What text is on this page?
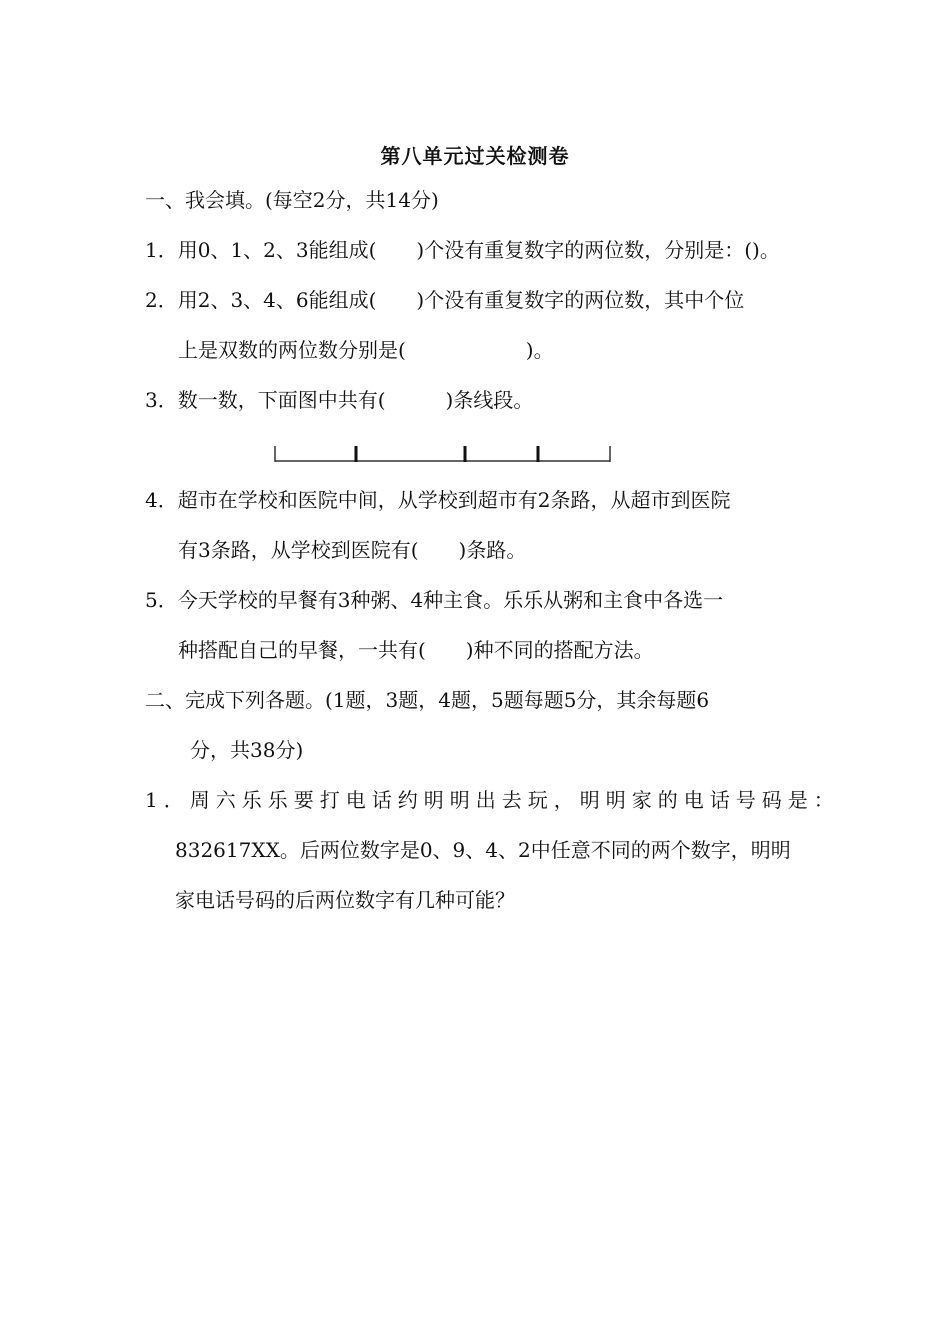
第八单元过关检测卷
一、我会填。(每空2分，共14分)
1．用0、1、2、3能组成(　　)个没有重复数字的两位数，分别是：()。
2．用2、3、4、6能组成(　　)个没有重复数字的两位数，其中个位
上是双数的两位数分别是(　　　　　　)。
3．数一数，下面图中共有(　　　)条线段。
4．超市在学校和医院中间，从学校到超市有2条路，从超市到医院
有3条路，从学校到医院有(　　)条路。
5．今天学校的早餐有3种粥、4种主食。乐乐从粥和主食中各选一
种搭配自己的早餐，一共有(　　)种不同的搭配方法。
二、完成下列各题。(1题，3题，4题，5题每题5分，其余每题6
分，共38分)
1．周六乐乐要打电话约明明出去玩，明明家的电话号码是：
832617XX。后两位数字是0、9、4、2中任意不同的两个数字，明明
家电话号码的后两位数字有几种可能？
